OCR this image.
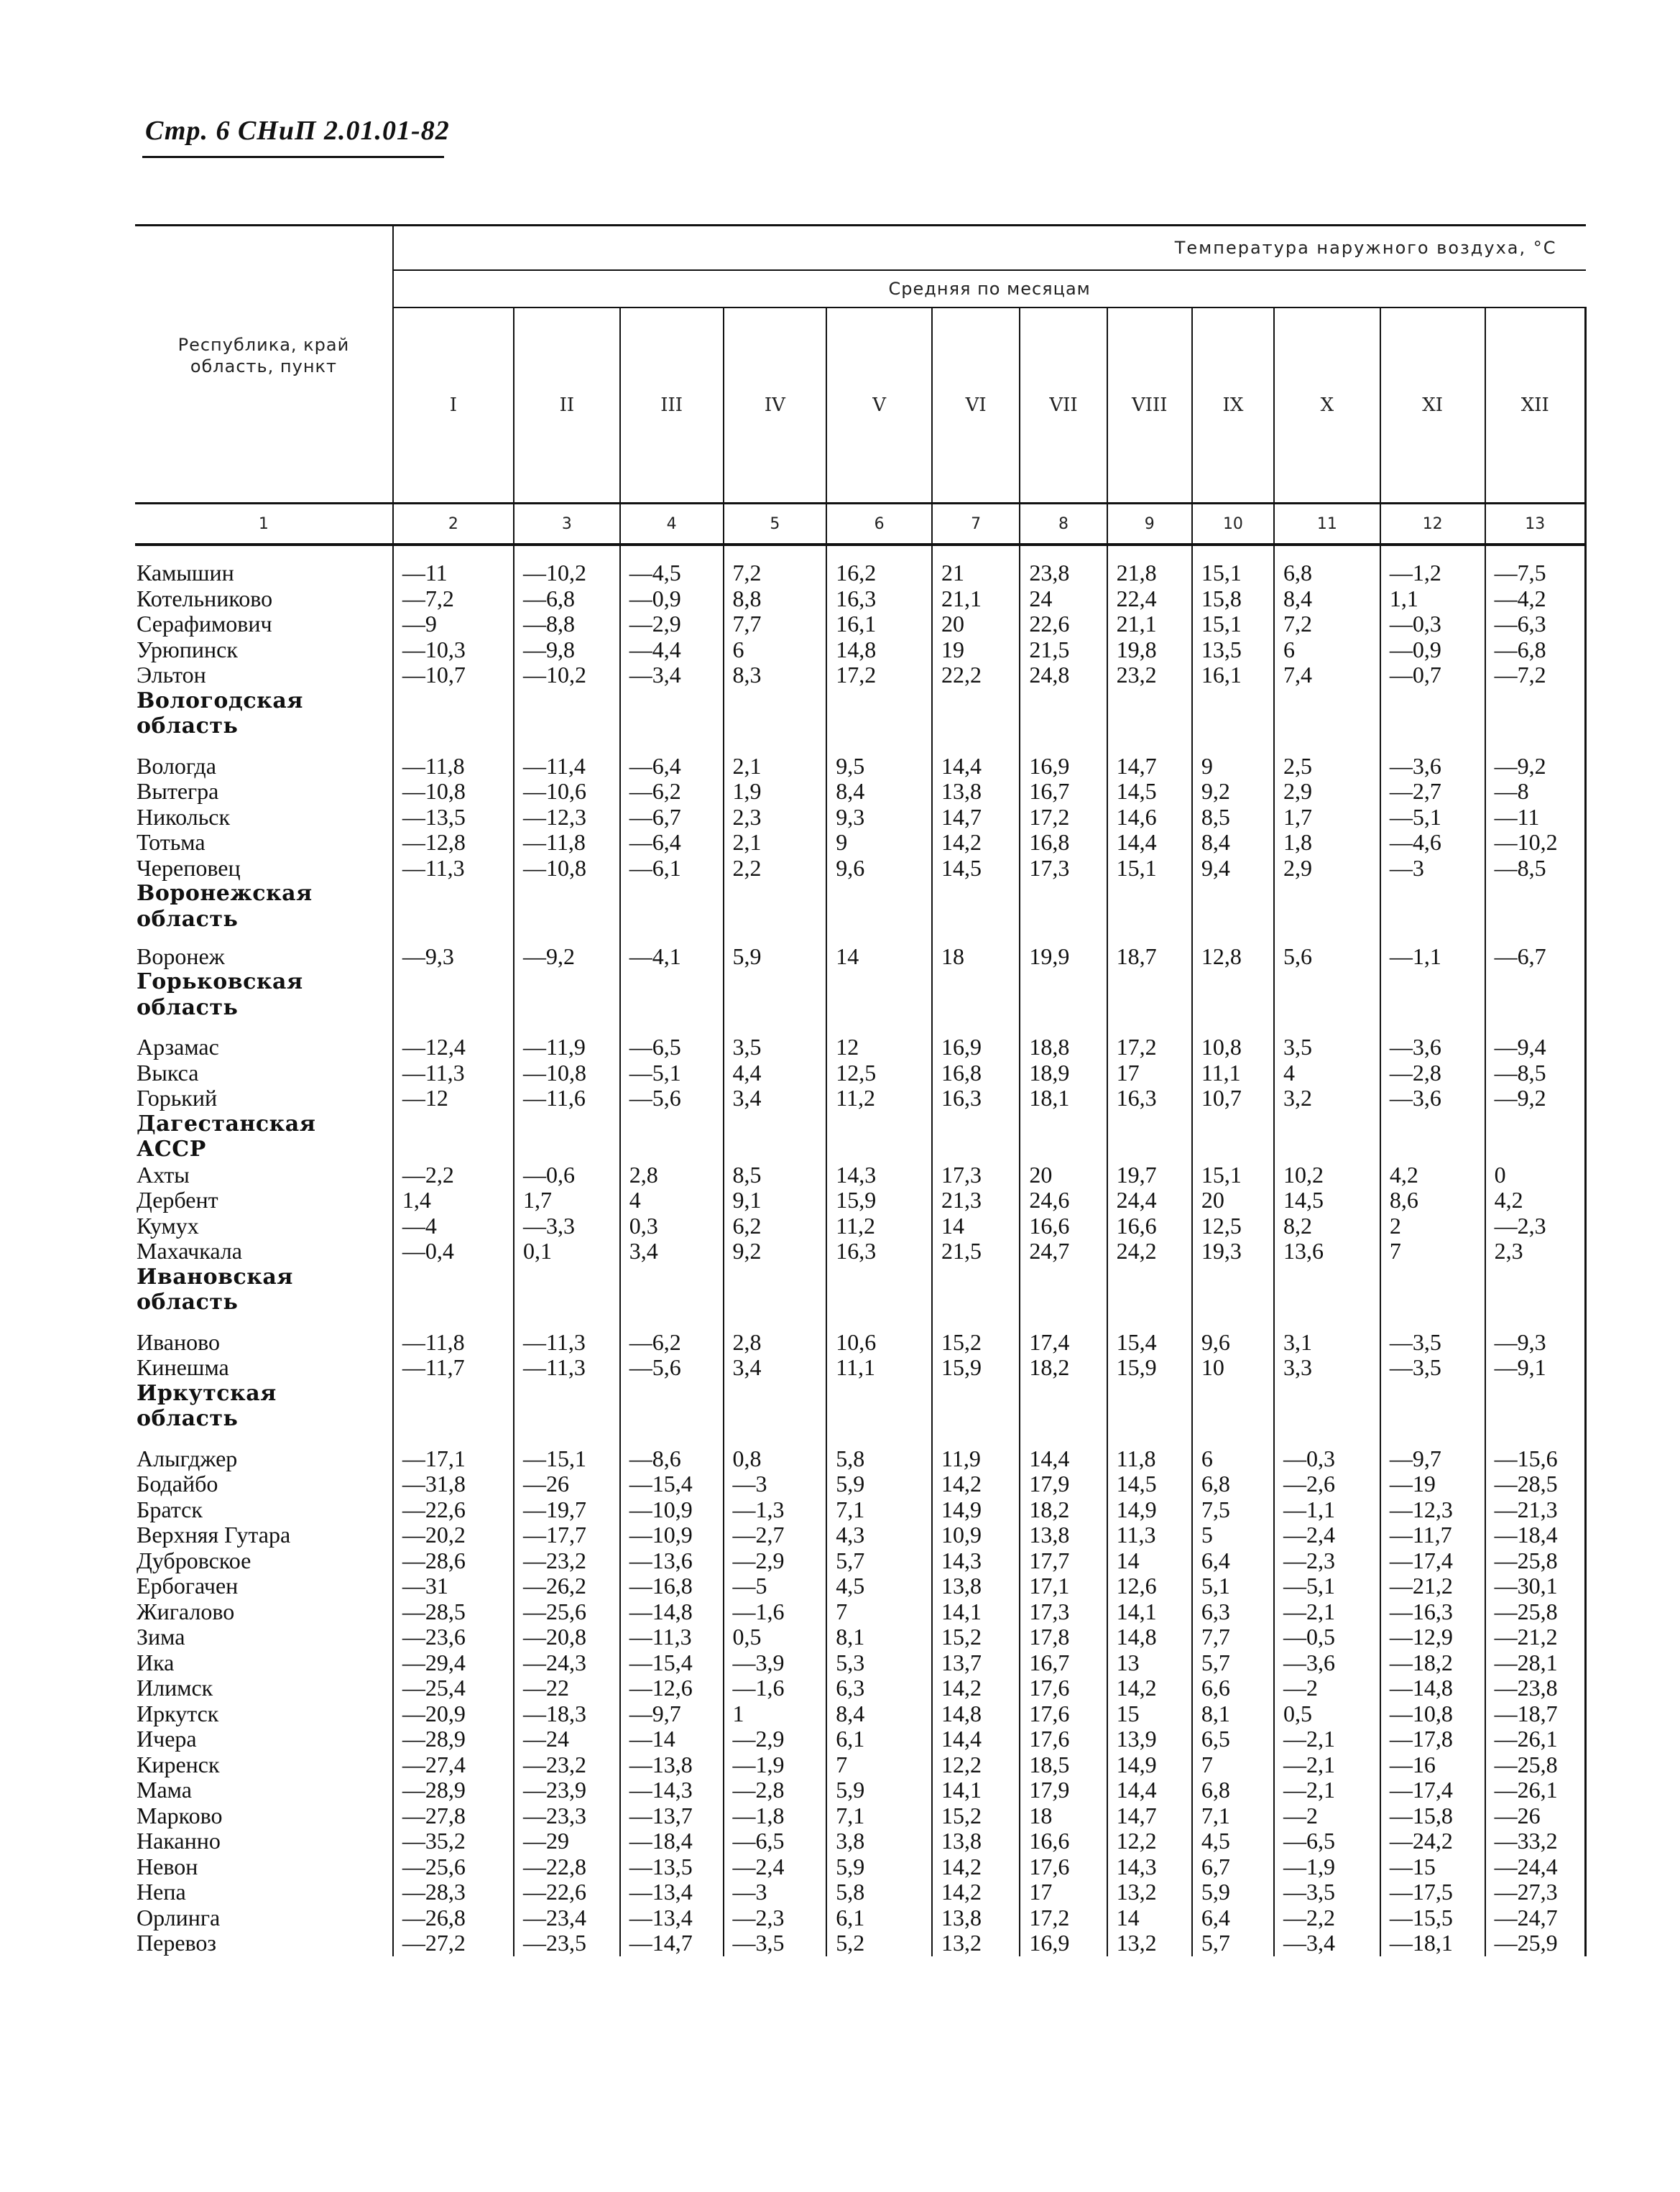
Стр. 6 СНиП 2.01.01-82
Республика, край область, пункт	Температура наружного воздуха, °С											
	Средняя по месяцам											
	I	II	III	IV	V	VI	VII	VIII	IX	X	XI	XII
1	2	3	4	5	6	7	8	9	10	11	12	13

Камышин	—11	—10,2	—4,5	7,2	16,2	21	23,8	21,8	15,1	6,8	—1,2	—7,5
Котельниково	—7,2	—6,8	—0,9	8,8	16,3	21,1	24	22,4	15,8	8,4	1,1	—4,2
Серафимович	—9	—8,8	—2,9	7,7	16,1	20	22,6	21,1	15,1	7,2	—0,3	—6,3
Урюпинск	—10,3	—9,8	—4,4	6	14,8	19	21,5	19,8	13,5	6	—0,9	—6,8
Эльтон	—10,7	—10,2	—3,4	8,3	17,2	22,2	24,8	23,2	16,1	7,4	—0,7	—7,2
Вологодская												
область												

Вологда	—11,8	—11,4	—6,4	2,1	9,5	14,4	16,9	14,7	9	2,5	—3,6	—9,2
Вытегра	—10,8	—10,6	—6,2	1,9	8,4	13,8	16,7	14,5	9,2	2,9	—2,7	—8
Никольск	—13,5	—12,3	—6,7	2,3	9,3	14,7	17,2	14,6	8,5	1,7	—5,1	—11
Тотьма	—12,8	—11,8	—6,4	2,1	9	14,2	16,8	14,4	8,4	1,8	—4,6	—10,2
Череповец	—11,3	—10,8	—6,1	2,2	9,6	14,5	17,3	15,1	9,4	2,9	—3	—8,5
Воронежская												
область												
Воронеж	—9,3	—9,2	—4,1	5,9	14	18	19,9	18,7	12,8	5,6	—1,1	—6,7
Горьковская												
область												

Арзамас	—12,4	—11,9	—6,5	3,5	12	16,9	18,8	17,2	10,8	3,5	—3,6	—9,4
Выкса	—11,3	—10,8	—5,1	4,4	12,5	16,8	18,9	17	11,1	4	—2,8	—8,5
Горький	—12	—11,6	—5,6	3,4	11,2	16,3	18,1	16,3	10,7	3,2	—3,6	—9,2
Дагестанская												
АССР												
Ахты	—2,2	—0,6	2,8	8,5	14,3	17,3	20	19,7	15,1	10,2	4,2	0
Дербент	1,4	1,7	4	9,1	15,9	21,3	24,6	24,4	20	14,5	8,6	4,2
Кумух	—4	—3,3	0,3	6,2	11,2	14	16,6	16,6	12,5	8,2	2	—2,3
Махачкала	—0,4	0,1	3,4	9,2	16,3	21,5	24,7	24,2	19,3	13,6	7	2,3
Ивановская												
область												

Иваново	—11,8	—11,3	—6,2	2,8	10,6	15,2	17,4	15,4	9,6	3,1	—3,5	—9,3
Кинешма	—11,7	—11,3	—5,6	3,4	11,1	15,9	18,2	15,9	10	3,3	—3,5	—9,1
Иркутская												
область												

Алыгджер	—17,1	—15,1	—8,6	0,8	5,8	11,9	14,4	11,8	6	—0,3	—9,7	—15,6
Бодайбо	—31,8	—26	—15,4	—3	5,9	14,2	17,9	14,5	6,8	—2,6	—19	—28,5
Братск	—22,6	—19,7	—10,9	—1,3	7,1	14,9	18,2	14,9	7,5	—1,1	—12,3	—21,3
Верхняя Гутара	—20,2	—17,7	—10,9	—2,7	4,3	10,9	13,8	11,3	5	—2,4	—11,7	—18,4
Дубровское	—28,6	—23,2	—13,6	—2,9	5,7	14,3	17,7	14	6,4	—2,3	—17,4	—25,8
Ербогачен	—31	—26,2	—16,8	—5	4,5	13,8	17,1	12,6	5,1	—5,1	—21,2	—30,1
Жигалово	—28,5	—25,6	—14,8	—1,6	7	14,1	17,3	14,1	6,3	—2,1	—16,3	—25,8
Зима	—23,6	—20,8	—11,3	0,5	8,1	15,2	17,8	14,8	7,7	—0,5	—12,9	—21,2
Ика	—29,4	—24,3	—15,4	—3,9	5,3	13,7	16,7	13	5,7	—3,6	—18,2	—28,1
Илимск	—25,4	—22	—12,6	—1,6	6,3	14,2	17,6	14,2	6,6	—2	—14,8	—23,8
Иркутск	—20,9	—18,3	—9,7	1	8,4	14,8	17,6	15	8,1	0,5	—10,8	—18,7
Ичера	—28,9	—24	—14	—2,9	6,1	14,4	17,6	13,9	6,5	—2,1	—17,8	—26,1
Киренск	—27,4	—23,2	—13,8	—1,9	7	12,2	18,5	14,9	7	—2,1	—16	—25,8
Мама	—28,9	—23,9	—14,3	—2,8	5,9	14,1	17,9	14,4	6,8	—2,1	—17,4	—26,1
Марково	—27,8	—23,3	—13,7	—1,8	7,1	15,2	18	14,7	7,1	—2	—15,8	—26
Наканно	—35,2	—29	—18,4	—6,5	3,8	13,8	16,6	12,2	4,5	—6,5	—24,2	—33,2
Невон	—25,6	—22,8	—13,5	—2,4	5,9	14,2	17,6	14,3	6,7	—1,9	—15	—24,4
Непа	—28,3	—22,6	—13,4	—3	5,8	14,2	17	13,2	5,9	—3,5	—17,5	—27,3
Орлинга	—26,8	—23,4	—13,4	—2,3	6,1	13,8	17,2	14	6,4	—2,2	—15,5	—24,7
Перевоз	—27,2	—23,5	—14,7	—3,5	5,2	13,2	16,9	13,2	5,7	—3,4	—18,1	—25,9
